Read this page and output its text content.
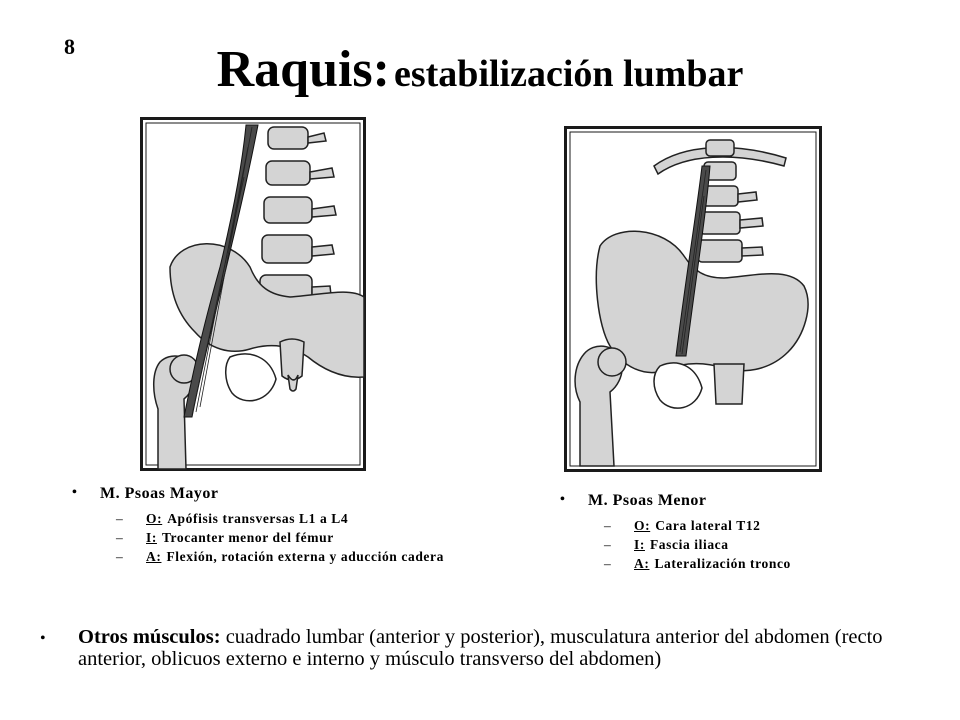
8	Raquis: estabilización lumbar
•	M. Psoas Mayor
–	O: Apófisis transversas L1 a L4
–	I: Trocanter menor del fémur
–	A: Flexión, rotación externa y aducción cadera
•	M. Psoas Menor
–	O: Cara lateral T12
–	I: Fascia iliaca
–	A: Lateralización tronco
•	Otros músculos: cuadrado lumbar (anterior y posterior), musculatura anterior del abdomen (recto anterior, oblicuos externo e interno y músculo transverso del abdomen)
